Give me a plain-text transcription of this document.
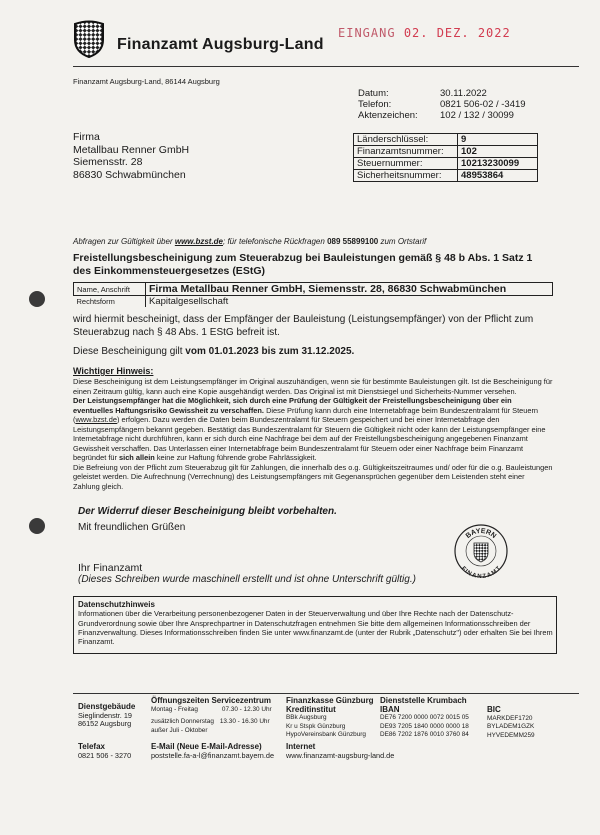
Finanzamt Augsburg-Land
EINGANG 02. DEZ. 2022
Finanzamt Augsburg-Land, 86144 Augsburg
Datum:	30.11.2022
Telefon:	0821 506-02 / -3419
Aktenzeichen:	102 / 132 / 30099
Firma
Metallbau Renner GmbH
Siemensstr. 28
86830 Schwabmünchen
Länderschlüssel:	9
Finanzamtsnummer:	102
Steuernummer:	10213230099
Sicherheitsnummer:	48953864
Abfragen zur Gültigkeit über www.bzst.de; für telefonische Rückfragen 089 55899100 zum Ortstarif
Freistellungsbescheinigung zum Steuerabzug bei Bauleistungen gemäß § 48 b Abs. 1 Satz 1 des Einkommensteuergesetzes (EStG)
Name, Anschrift	Firma Metallbau Renner GmbH, Siemensstr. 28, 86830 Schwabmünchen
Rechtsform	Kapitalgesellschaft
wird hiermit bescheinigt, dass der Empfänger der Bauleistung (Leistungsempfänger) von der Pflicht zum Steuerabzug nach § 48 Abs. 1 EStG befreit ist.
Diese Bescheinigung gilt vom 01.01.2023 bis zum 31.12.2025.
Wichtiger Hinweis:
Diese Bescheinigung ist dem Leistungsempfänger im Original auszuhändigen, wenn sie für bestimmte Bauleistungen gilt. Ist die Bescheinigung für einen Zeitraum gültig, kann auch eine Kopie ausgehändigt werden. Das Original ist mit Dienstsiegel und Sicherheits-Nummer versehen.
Der Leistungsempfänger hat die Möglichkeit, sich durch eine Prüfung der Gültigkeit der Freistellungsbescheinigung über ein eventuelles Haftungsrisiko Gewissheit zu verschaffen. Diese Prüfung kann durch eine Internetabfrage beim Bundeszentralamt für Steuern (www.bzst.de) erfolgen. Dazu werden die Daten beim Bundeszentralamt für Steuern gespeichert und bei einer Internetabfrage den Leistungsempfängern bekannt gegeben. Bestätigt das Bundeszentralamt für Steuern die Gültigkeit nicht oder kann der Leistungsempfänger eine Internetabfrage nicht durchführen, kann er sich durch eine Nachfrage bei dem auf der Freistellungsbescheinigung angegebenen Finanzamt Gewissheit verschaffen. Das Unterlassen einer Internetabfrage beim Bundeszentralamt für Steuern oder einer Nachfrage beim Finanzamt begründet für sich allein keine zur Haftung führende grobe Fahrlässigkeit.
Die Befreiung von der Pflicht zum Steuerabzug gilt für Zahlungen, die innerhalb des o.g. Gültigkeitszeitraumes und/ oder für die o.g. Bauleistungen geleistet werden. Die Aufrechnung (Verrechnung) des Leistungsempfängers mit Gegenansprüchen gegenüber dem Leistenden steht einer Zahlung gleich.
Der Widerruf dieser Bescheinigung bleibt vorbehalten.
Mit freundlichen Grüßen
BAYERN
FINANZAMT
Ihr Finanzamt
(Dieses Schreiben wurde maschinell erstellt und ist ohne Unterschrift gültig.)
Datenschutzhinweis
Informationen über die Verarbeitung personenbezogener Daten in der Steuerverwaltung und über Ihre Rechte nach der Datenschutz-Grundverordnung sowie über Ihre Ansprechpartner in Datenschutzfragen entnehmen Sie bitte dem allgemeinen Informationsschreiben der Finanzverwaltung. Dieses Informationsschreiben finden Sie unter www.finanzamt.de (unter der Rubrik „Datenschutz") oder erhalten Sie bei Ihrem Finanzamt.
Dienstgebäude
Sieglindenstr. 19
86152 Augsburg
Telefax
0821 506 - 3270
Öffnungszeiten Servicezentrum
Montag - Freitag	07.30 - 12.30 Uhr
zusätzlich Donnerstag 13.30 - 16.30 Uhr
außer Juli - Oktober
E-Mail (Neue E-Mail-Adresse)
poststelle.fa-a-l@finanzamt.bayern.de
Finanzkasse Günzburg
Kreditinstitut
BBk Augsburg
Kr u Stspk Günzburg
HypoVereinsbank Günzburg
Dienststelle Krumbach
IBAN
DE76 7200 0000 0072 0015 05
DE93 7205 1840 0000 0000 18
DE86 7202 1876 0010 3760 84
BIC
MARKDEF1720
BYLADEM1GZK
HYVEDEMM259
Internet
www.finanzamt-augsburg-land.de
